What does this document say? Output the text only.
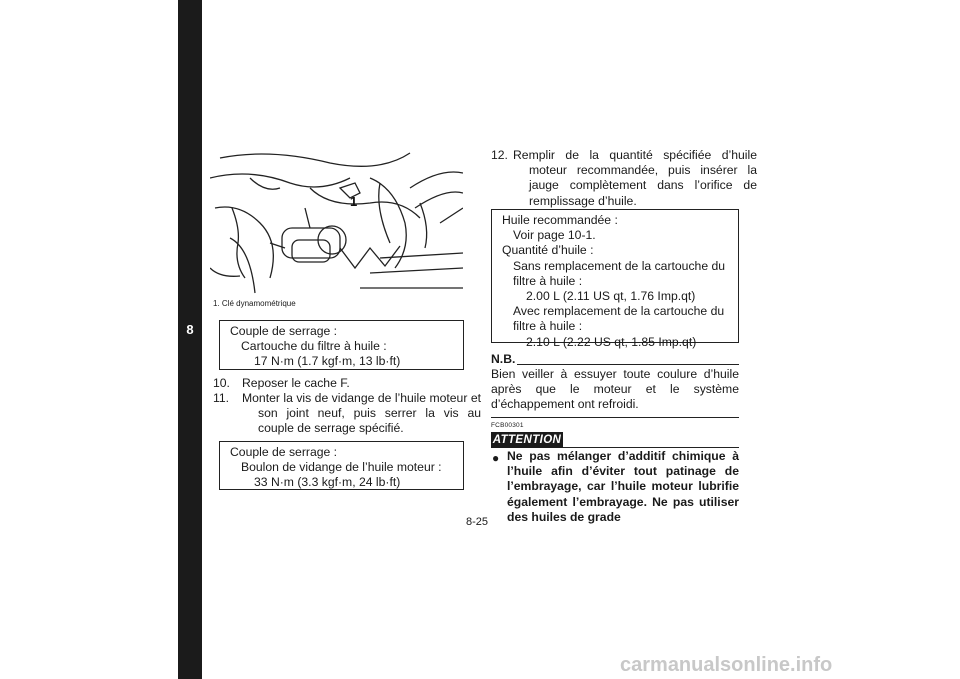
8
1
1. Clé dynamométrique
Couple de serrage :
Cartouche du filtre à huile :
17 N·m (1.7 kgf·m, 13 lb·ft)
10. Reposer le cache F.
11. Monter la vis de vidange de l’huile moteur et son joint neuf, puis serrer la vis au couple de serrage spécifié.
Couple de serrage :
Boulon de vidange de l’huile moteur :
33 N·m (3.3 kgf·m, 24 lb·ft)
12. Remplir de la quantité spécifiée d’huile moteur recommandée, puis insérer la jauge complètement dans l’orifice de remplissage d’huile.
Huile recommandée :
Voir page 10-1.
Quantité d’huile :
Sans remplacement de la cartouche du
filtre à huile :
2.00 L (2.11 US qt, 1.76 Imp.qt)
Avec remplacement de la cartouche du
filtre à huile :
2.10 L (2.22 US qt, 1.85 Imp.qt)
N.B.
Bien veiller à essuyer toute coulure d’huile après que le moteur et le système d’échappement ont refroidi.
FCB00301
ATTENTION
● Ne pas mélanger d’additif chimique à l’huile afin d’éviter tout patinage de l’embrayage, car l’huile moteur lubrifie également l’embrayage. Ne pas utiliser des huiles de grade
8-25
carmanualsonline.info
